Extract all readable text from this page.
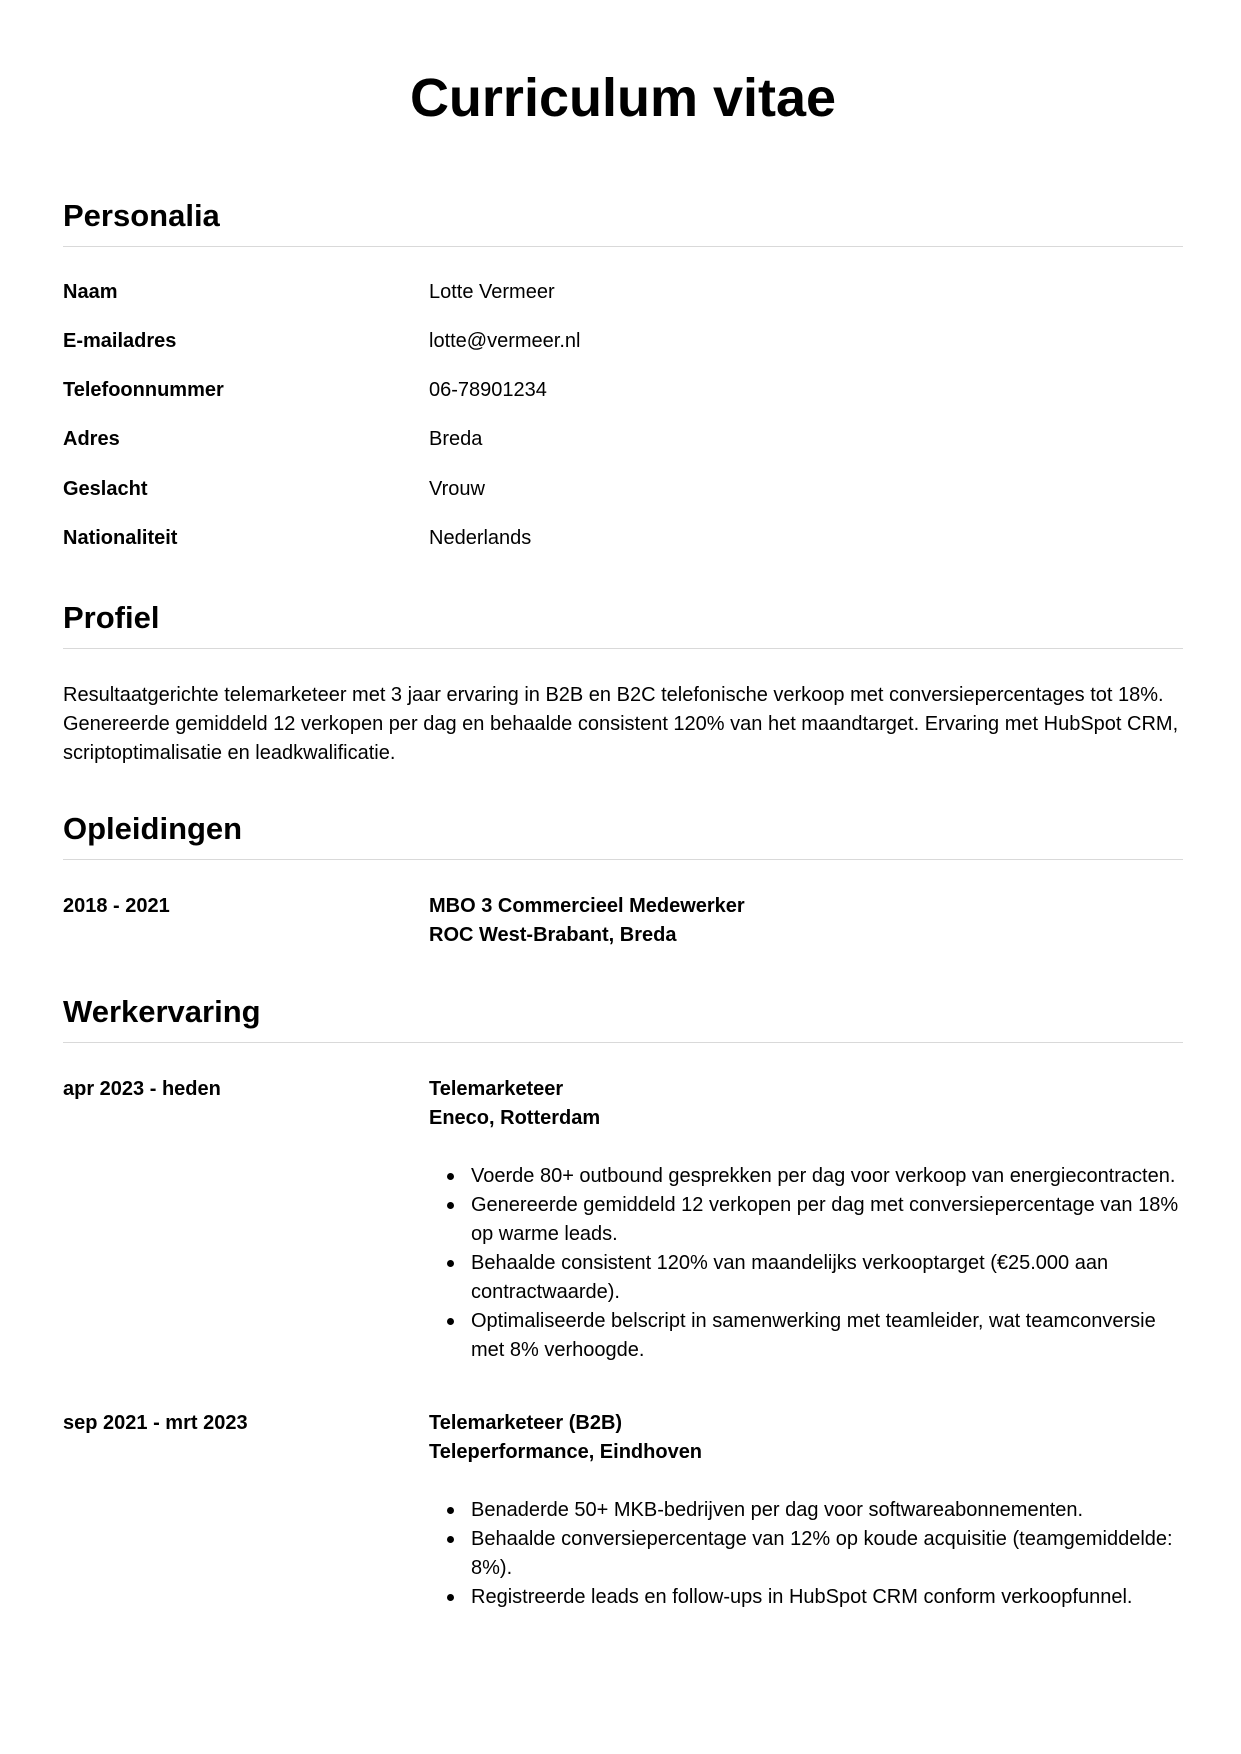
Curriculum vitae
Personalia
Naam	Lotte Vermeer
E-mailadres	lotte@vermeer.nl
Telefoonnummer	06-78901234
Adres	Breda
Geslacht	Vrouw
Nationaliteit	Nederlands
Profiel

Resultaatgerichte telemarketeer met 3 jaar ervaring in B2B en B2C telefonische verkoop met conversiepercentages tot 18%. Genereerde gemiddeld 12 verkopen per dag en behaalde consistent 120% van het maandtarget. Ervaring met HubSpot CRM, scriptoptimalisatie en leadkwalificatie.

Opleidingen
2018 - 2021	MBO 3 Commercieel Medewerker
ROC West-Brabant, Breda
Werkervaring
apr 2023 - heden	Telemarketeer
Eneco, Rotterdam
Voerde 80+ outbound gesprekken per dag voor verkoop van energiecontracten.
Genereerde gemiddeld 12 verkopen per dag met conversiepercentage van 18% op warme leads.
Behaalde consistent 120% van maandelijks verkooptarget (€25.000 aan contractwaarde).
Optimaliseerde belscript in samenwerking met teamleider, wat teamconversie met 8% verhoogde.
sep 2021 - mrt 2023	Telemarketeer (B2B)
Teleperformance, Eindhoven
Benaderde 50+ MKB-bedrijven per dag voor softwareabonnementen.
Behaalde conversiepercentage van 12% op koude acquisitie (teamgemiddelde: 8%).
Registreerde leads en follow-ups in HubSpot CRM conform verkoopfunnel.
